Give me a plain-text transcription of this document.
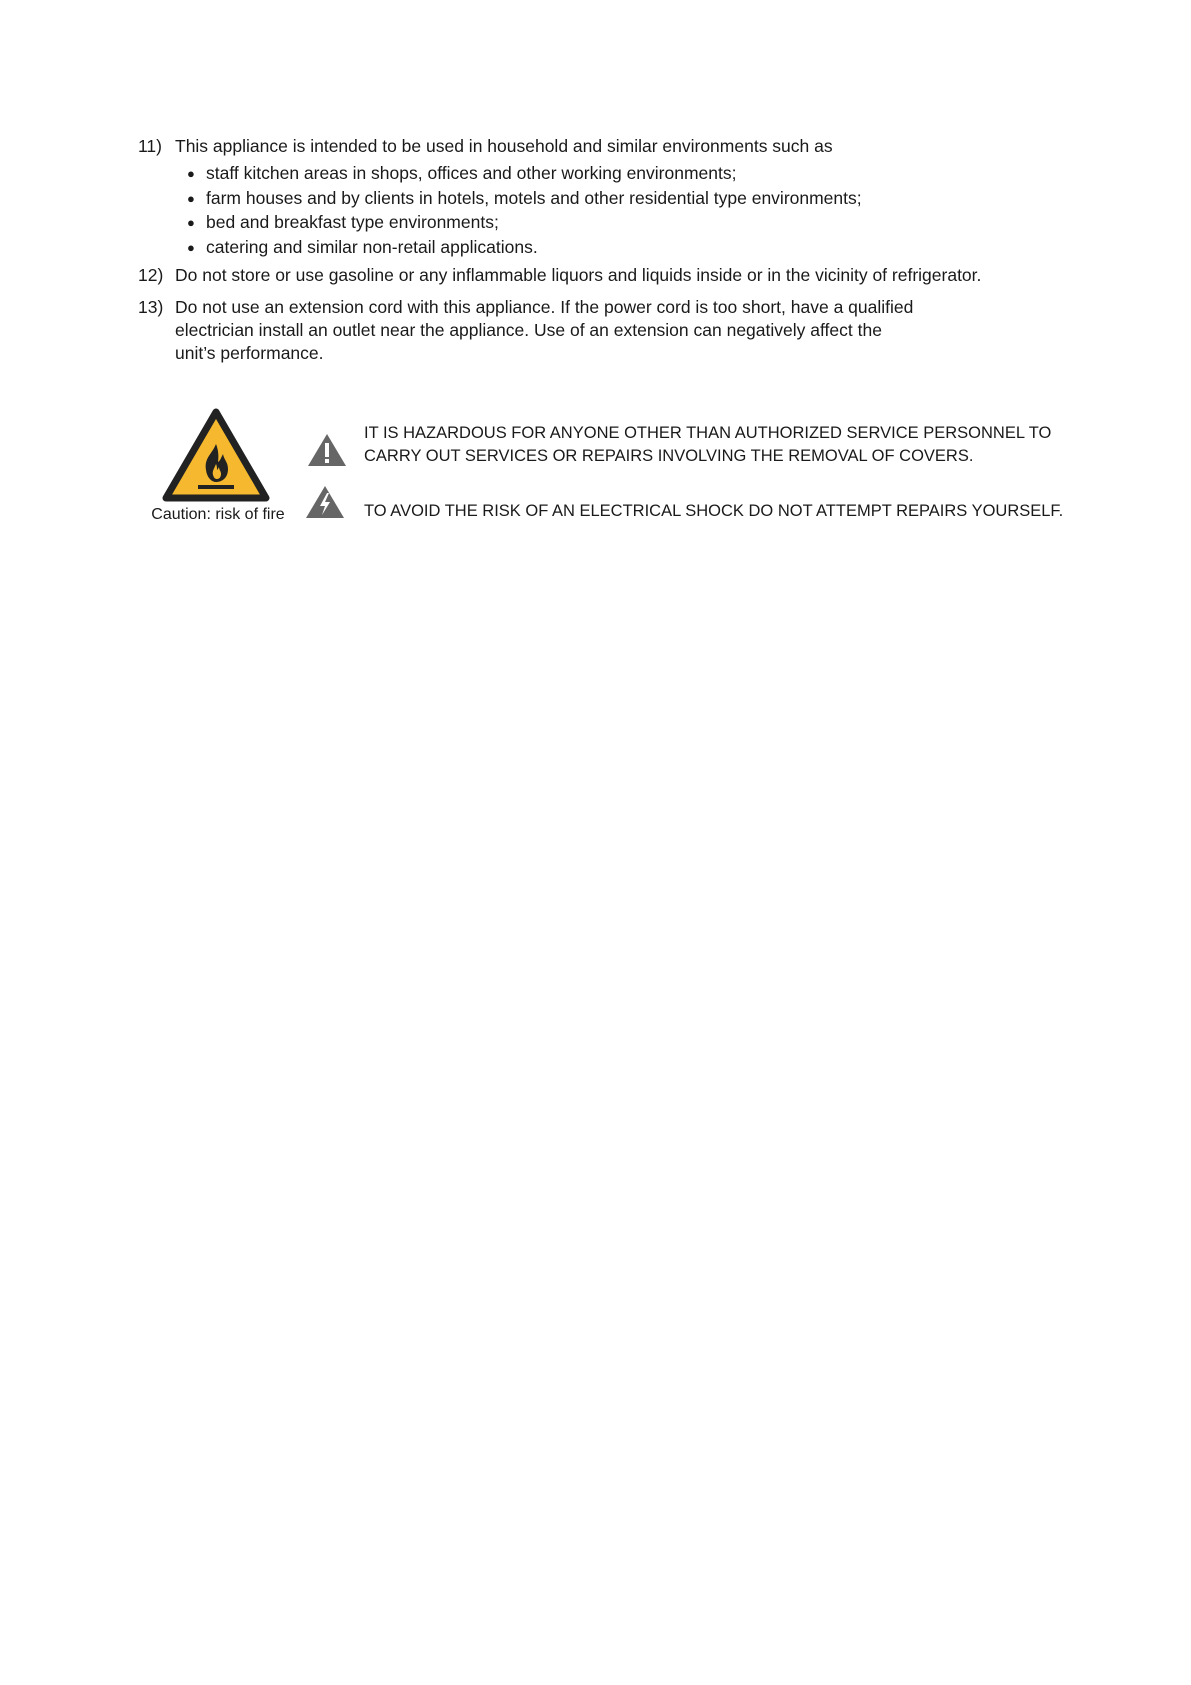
11) This appliance is intended to be used in household and similar environments such as
● staff kitchen areas in shops, offices and other working environments;
● farm houses and by clients in hotels, motels and other residential type environments;
● bed and breakfast type environments;
● catering and similar non-retail applications.
12) Do not store or use gasoline or any inflammable liquors and liquids inside or in the vicinity of refrigerator.
13) Do not use an extension cord with this appliance. If the power cord is too short, have a qualified
electrician install an outlet near the appliance. Use of an extension can negatively affect the
unit’s performance.
Caution: risk of fire
IT IS HAZARDOUS FOR ANYONE OTHER THAN AUTHORIZED SERVICE PERSONNEL TO
CARRY OUT SERVICES OR REPAIRS INVOLVING THE REMOVAL OF COVERS.
TO AVOID THE RISK OF AN ELECTRICAL SHOCK DO NOT ATTEMPT REPAIRS YOURSELF.
